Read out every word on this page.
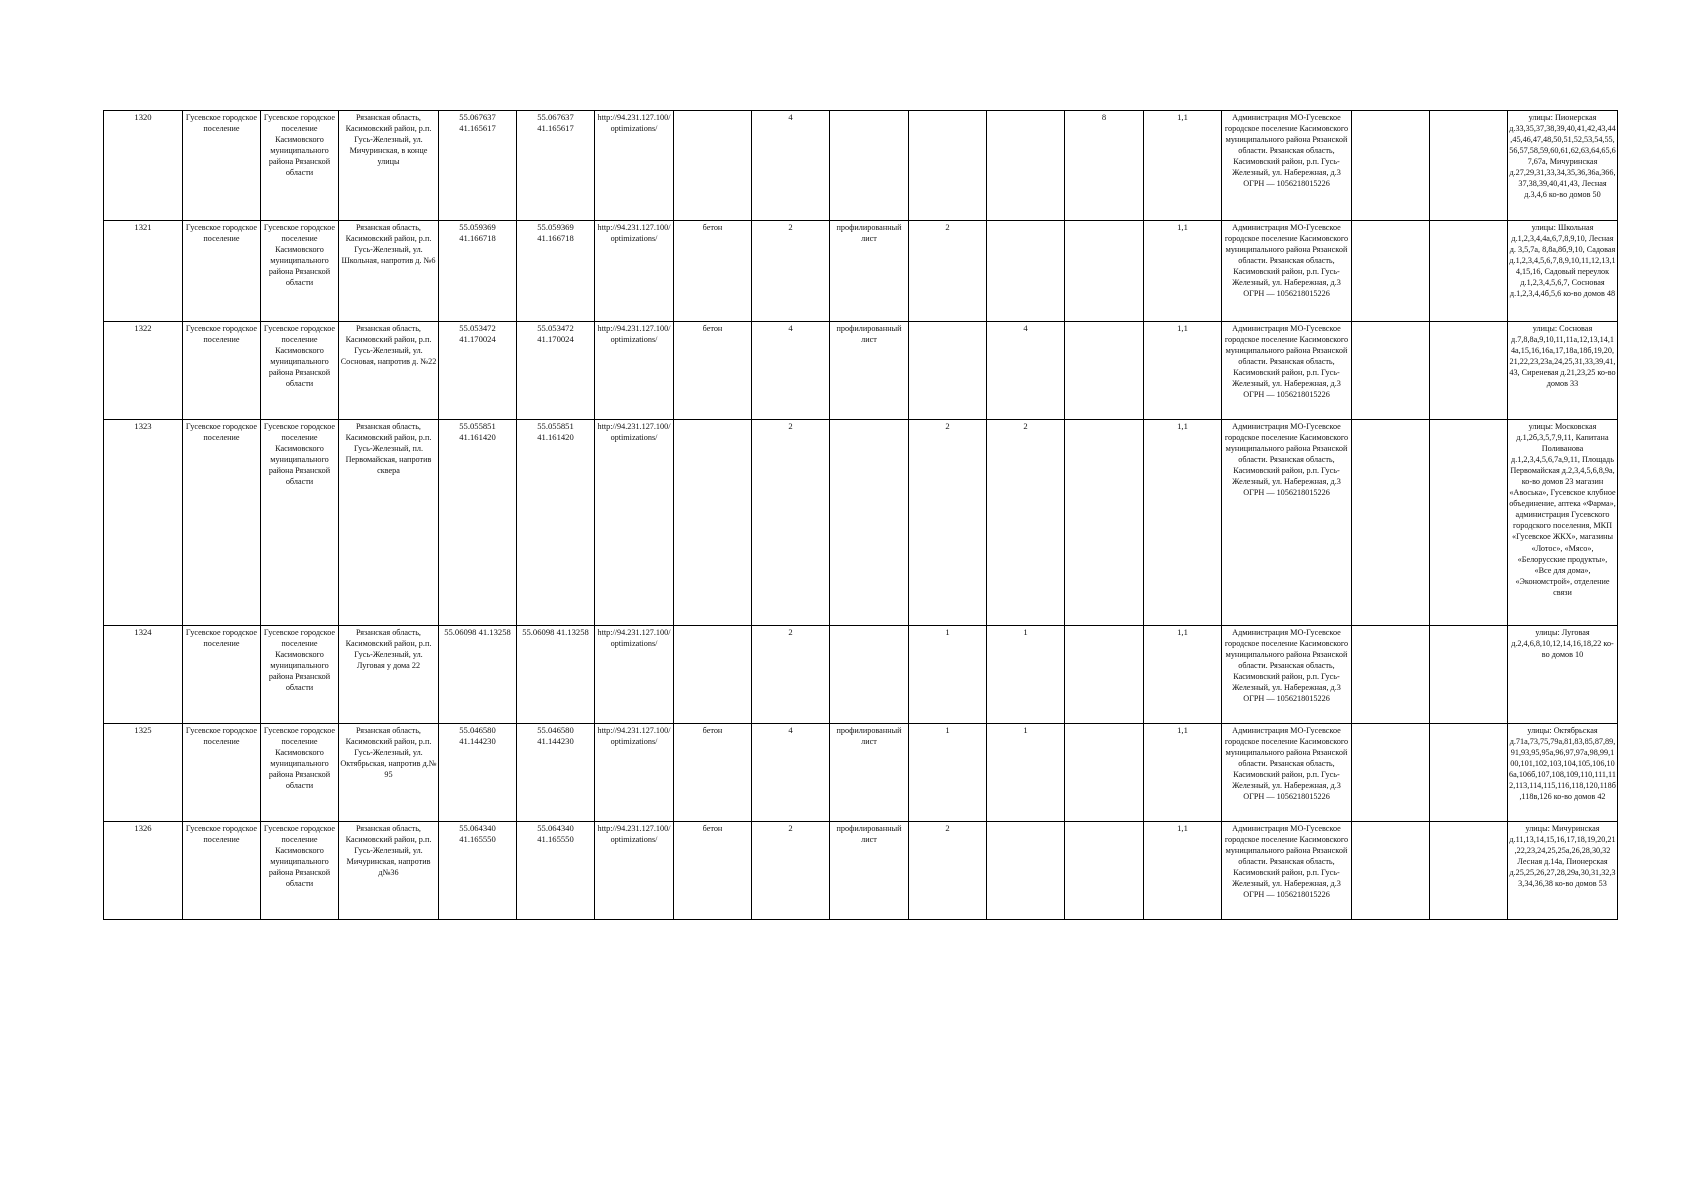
1320	Гусевское городское поселение	Гусевское городское поселение Касимовского муниципального района Рязанской области	Рязанская область, Касимовский район, р.п. Гусь-Железный, ул. Мичуринская, в конце улицы	55.067637 41.165617	55.067637 41.165617	http://94.231.127.100/optimizations/		4				8	1,1	Администрация МО-Гусевское городское поселение Касимовского муниципального района Рязанской области. Рязанская область, Касимовский район, р.п. Гусь-Железный, ул. Набережная, д.3 ОГРН — 1056218015226			улицы: Пионерская д.33,35,37,38,39,40,41,42,43,44,45,46,47,48,50,51,52,53,54,55,56,57,58,59,60,61,62,63,64,65,67,67а, Мичуринская д.27,29,31,33,34,35,36,36а,366,37,38,39,40,41,43, Лесная д.3,4,6 ко-во домов 50
1321	Гусевское городское поселение	Гусевское городское поселение Касимовского муниципального района Рязанской области	Рязанская область, Касимовский район, р.п. Гусь-Железный, ул. Школьная, напротив д. №6	55.059369 41.166718	55.059369 41.166718	http://94.231.127.100/optimizations/	бетон	2	профилированный лист	2			1,1	Администрация МО-Гусевское городское поселение Касимовского муниципального района Рязанской области. Рязанская область, Касимовский район, р.п. Гусь-Железный, ул. Набережная, д.3 ОГРН — 1056218015226			улицы: Школьная д.1,2,3,4,4а,6,7,8,9,10, Лесная д. 3,5,7а, 8,8а,8б,9,10, Садовая д.1,2,3,4,5,6,7,8,9,10,11,12,13,14,15,16, Садовый переулок д.1,2,3,4,5,6,7, Сосновая д.1,2,3,4,4б,5,6 ко-во домов 48
1322	Гусевское городское поселение	Гусевское городское поселение Касимовского муниципального района Рязанской области	Рязанская область, Касимовский район, р.п. Гусь-Железный, ул. Сосновая, напротив д. №22	55.053472 41.170024	55.053472 41.170024	http://94.231.127.100/optimizations/	бетон	4	профилированный лист		4		1,1	Администрация МО-Гусевское городское поселение Касимовского муниципального района Рязанской области. Рязанская область, Касимовский район, р.п. Гусь-Железный, ул. Набережная, д.3 ОГРН — 1056218015226			улицы: Сосновая д.7,8,8а,9,10,11,11а,12,13,14,14а,15,16,16а,17,18а,18б,19,20,21,22,23,23а,24,25,31,33,39,41,43, Сиреневая д.21,23,25 ко-во домов 33
1323	Гусевское городское поселение	Гусевское городское поселение Касимовского муниципального района Рязанской области	Рязанская область, Касимовский район, р.п. Гусь-Железный, пл. Первомайская, напротив сквера	55.055851 41.161420	55.055851 41.161420	http://94.231.127.100/optimizations/		2		2	2		1,1	Администрация МО-Гусевское городское поселение Касимовского муниципального района Рязанской области. Рязанская область, Касимовский район, р.п. Гусь-Железный, ул. Набережная, д.3 ОГРН — 1056218015226			улицы: Московская д.1,2б,3,5,7,9,11, Капитана Поливанова д.1,2,3,4,5,6,7а,9,11, Площадь Первомайская д.2,3,4,5,6,8,9а, ко-во домов 23 магазин «Авоська», Гусевское клубное объединение, аптека «Фарма», администрация Гусевского городского поселения, МКП «Гусевское ЖКХ», магазины «Лотос», «Мясо», «Белорусские продукты», «Все для дома», «Экономстрой», отделение связи
1324	Гусевское городское поселение	Гусевское городское поселение Касимовского муниципального района Рязанской области	Рязанская область, Касимовский район, р.п. Гусь-Железный, ул. Луговая у дома 22	55.06098 41.13258	55.06098 41.13258	http://94.231.127.100/optimizations/		2		1	1		1,1	Администрация МО-Гусевское городское поселение Касимовского муниципального района Рязанской области. Рязанская область, Касимовский район, р.п. Гусь-Железный, ул. Набережная, д.3 ОГРН — 1056218015226			улицы: Луговая д.2,4,6,8,10,12,14,16,18,22 ко-во домов 10
1325	Гусевское городское поселение	Гусевское городское поселение Касимовского муниципального района Рязанской области	Рязанская область, Касимовский район, р.п. Гусь-Железный, ул. Октябрьская, напротив д.№ 95	55.046580 41.144230	55.046580 41.144230	http://94.231.127.100/optimizations/	бетон	4	профилированный лист	1	1		1,1	Администрация МО-Гусевское городское поселение Касимовского муниципального района Рязанской области. Рязанская область, Касимовский район, р.п. Гусь-Железный, ул. Набережная, д.3 ОГРН — 1056218015226			улицы: Октябрьская д.71а,73,75,79а,81,83,85,87,89,91,93,95,95а,96,97,97а,98,99,100,101,102,103,104,105,106,106а,106б,107,108,109,110,111,112,113,114,115,116,118,120,118б,118в,126 ко-во домов 42
1326	Гусевское городское поселение	Гусевское городское поселение Касимовского муниципального района Рязанской области	Рязанская область, Касимовский район, р.п. Гусь-Железный, ул. Мичуринская, напротив д№36	55.064340 41.165550	55.064340 41.165550	http://94.231.127.100/optimizations/	бетон	2	профилированный лист	2			1,1	Администрация МО-Гусевское городское поселение Касимовского муниципального района Рязанской области. Рязанская область, Касимовский район, р.п. Гусь-Железный, ул. Набережная, д.3 ОГРН — 1056218015226			улицы: Мичуринская д.11,13,14,15,16,17,18,19,20,21,22,23,24,25,25а,26,28,30,32 Лесная д.14а, Пионерская д.25,25,26,27,28,29а,30,31,32,33,34,36,38 ко-во домов 53
